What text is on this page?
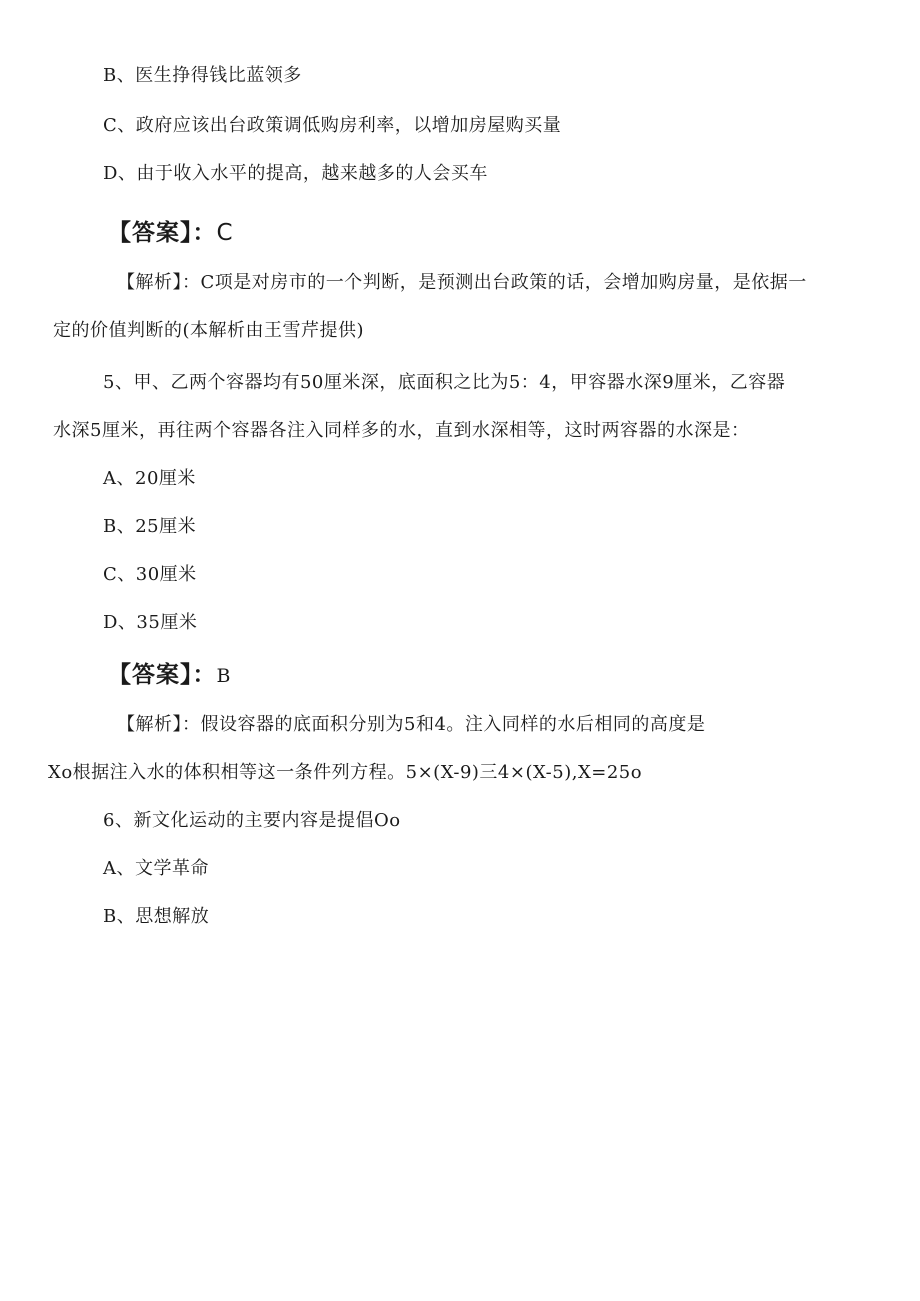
B、医生挣得钱比蓝领多
C、政府应该出台政策调低购房利率，以增加房屋购买量
D、由于收入水平的提高，越来越多的人会买车
【答案】：C
【解析】：C项是对房市的一个判断，是预测出台政策的话，会增加购房量，是依据一
定的价值判断的(本解析由王雪芹提供)
5、甲、乙两个容器均有50厘米深，底面积之比为5：4，甲容器水深9厘米，乙容器
水深5厘米，再往两个容器各注入同样多的水，直到水深相等，这时两容器的水深是：
A、20厘米
B、25厘米
C、30厘米
D、35厘米
【答案】：B
【解析】：假设容器的底面积分别为5和4。注入同样的水后相同的高度是
Xo根据注入水的体积相等这一条件列方程。5×(X-9)三4×(X-5),X=25o
6、新文化运动的主要内容是提倡Oo
A、文学革命
B、思想解放
